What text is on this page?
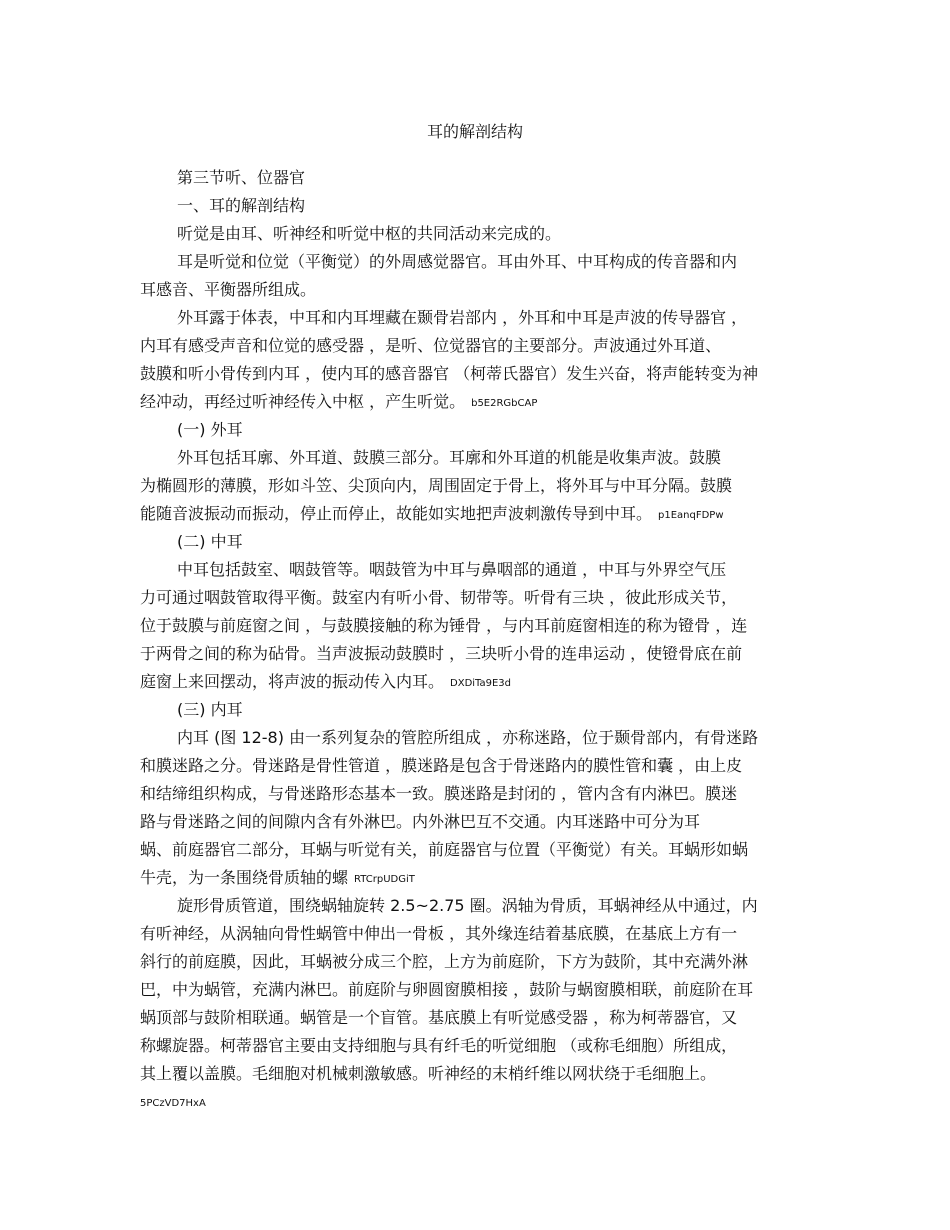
耳的解剖结构
第三节听、位器官
一、耳的解剖结构
听觉是由耳、听神经和听觉中枢的共同活动来完成的。
耳是听觉和位觉（平衡觉）的外周感觉器官。耳由外耳、中耳构成的传音器和内
耳感音、平衡器所组成。
外耳露于体表，中耳和内耳埋藏在颞骨岩部内 ，外耳和中耳是声波的传导器官 ，
内耳有感受声音和位觉的感受器 ，是听、位觉器官的主要部分。声波通过外耳道、
鼓膜和听小骨传到内耳 ，使内耳的感音器官 （柯蒂氏器官）发生兴奋，将声能转变为神
经冲动，再经过听神经传入中枢 ，产生听觉。 b5E2RGbCAP
(一) 外耳
外耳包括耳廓、外耳道、鼓膜三部分。耳廓和外耳道的机能是收集声波。鼓膜
为椭圆形的薄膜，形如斗笠、尖顶向内，周围固定于骨上，将外耳与中耳分隔。鼓膜
能随音波振动而振动，停止而停止，故能如实地把声波刺激传导到中耳。 p1EanqFDPw
(二) 中耳
中耳包括鼓室、咽鼓管等。咽鼓管为中耳与鼻咽部的通道 ，中耳与外界空气压
力可通过咽鼓管取得平衡。鼓室内有听小骨、韧带等。听骨有三块 ，彼此形成关节，
位于鼓膜与前庭窗之间 ，与鼓膜接触的称为锤骨 ，与内耳前庭窗相连的称为镫骨 ，连
于两骨之间的称为砧骨。当声波振动鼓膜时 ，三块听小骨的连串运动 ，使镫骨底在前
庭窗上来回摆动，将声波的振动传入内耳。 DXDiTa9E3d
(三) 内耳
内耳 (图 12-8) 由一系列复杂的管腔所组成 ，亦称迷路，位于颞骨部内，有骨迷路
和膜迷路之分。骨迷路是骨性管道 ，膜迷路是包含于骨迷路内的膜性管和囊 ，由上皮
和结缔组织构成，与骨迷路形态基本一致。膜迷路是封闭的 ，管内含有内淋巴。膜迷
路与骨迷路之间的间隙内含有外淋巴。内外淋巴互不交通。内耳迷路中可分为耳
蜗、前庭器官二部分，耳蜗与听觉有关，前庭器官与位置（平衡觉）有关。耳蜗形如蜗
牛壳，为一条围绕骨质轴的螺 RTCrpUDGiT
旋形骨质管道，围绕蜗轴旋转 2.5~2.75 圈。涡轴为骨质，耳蜗神经从中通过，内
有听神经，从涡轴向骨性蜗管中伸出一骨板 ，其外缘连结着基底膜，在基底上方有一
斜行的前庭膜，因此，耳蜗被分成三个腔，上方为前庭阶，下方为鼓阶，其中充满外淋
巴，中为蜗管，充满内淋巴。前庭阶与卵圆窗膜相接 ，鼓阶与蜗窗膜相联，前庭阶在耳
蜗顶部与鼓阶相联通。蜗管是一个盲管。基底膜上有听觉感受器 ，称为柯蒂器官，又
称螺旋器。柯蒂器官主要由支持细胞与具有纤毛的听觉细胞 （或称毛细胞）所组成，
其上覆以盖膜。毛细胞对机械刺激敏感。听神经的末梢纤维以网状绕于毛细胞上。
5PCzVD7HxA
